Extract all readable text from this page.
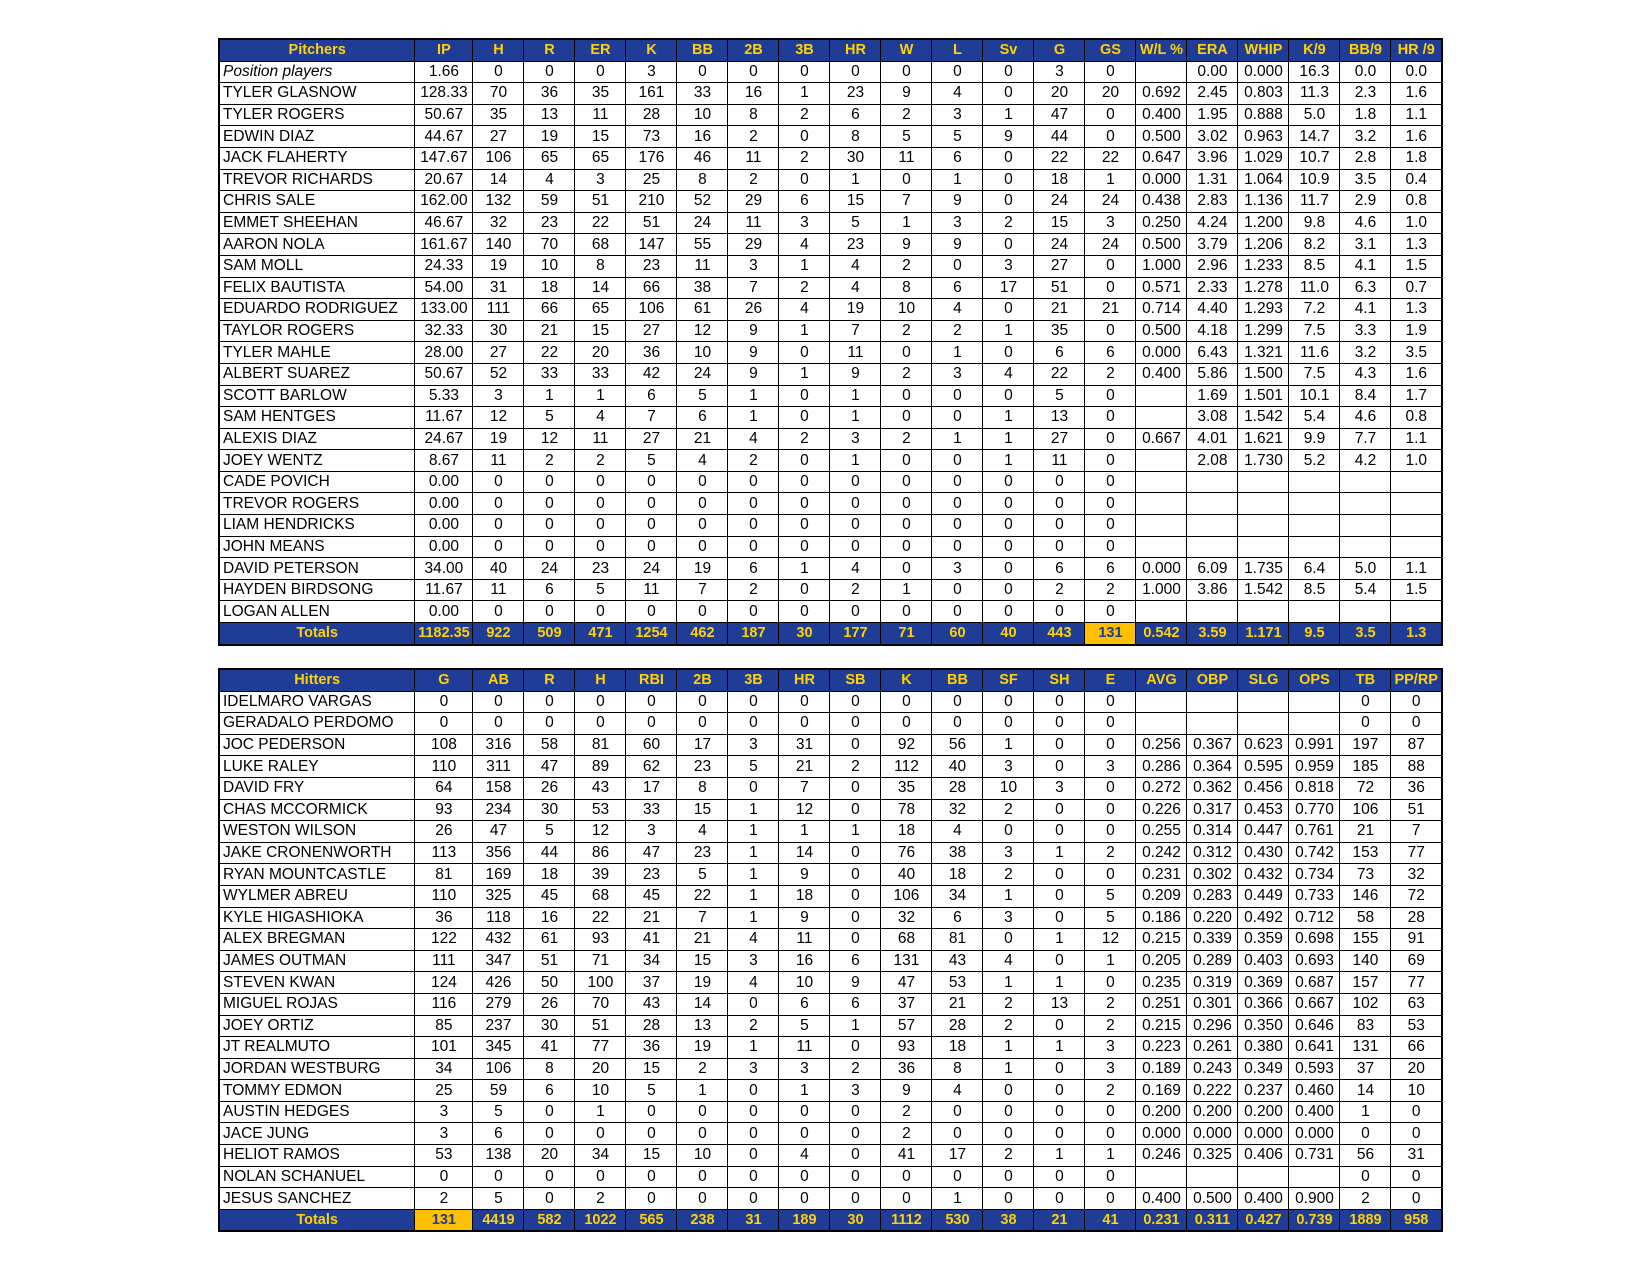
Pitchers	IP	H	R	ER	K	BB	2B	3B	HR	W	L	Sv	G	GS	W/L %	ERA	WHIP	K/9	BB/9	HR /9
Position players	1.66	0	0	0	3	0	0	0	0	0	0	0	3	0		0.00	0.000	16.3	0.0	0.0
TYLER GLASNOW	128.33	70	36	35	161	33	16	1	23	9	4	0	20	20	0.692	2.45	0.803	11.3	2.3	1.6
TYLER ROGERS	50.67	35	13	11	28	10	8	2	6	2	3	1	47	0	0.400	1.95	0.888	5.0	1.8	1.1
EDWIN DIAZ	44.67	27	19	15	73	16	2	0	8	5	5	9	44	0	0.500	3.02	0.963	14.7	3.2	1.6
JACK FLAHERTY	147.67	106	65	65	176	46	11	2	30	11	6	0	22	22	0.647	3.96	1.029	10.7	2.8	1.8
TREVOR RICHARDS	20.67	14	4	3	25	8	2	0	1	0	1	0	18	1	0.000	1.31	1.064	10.9	3.5	0.4
CHRIS SALE	162.00	132	59	51	210	52	29	6	15	7	9	0	24	24	0.438	2.83	1.136	11.7	2.9	0.8
EMMET SHEEHAN	46.67	32	23	22	51	24	11	3	5	1	3	2	15	3	0.250	4.24	1.200	9.8	4.6	1.0
AARON NOLA	161.67	140	70	68	147	55	29	4	23	9	9	0	24	24	0.500	3.79	1.206	8.2	3.1	1.3
SAM MOLL	24.33	19	10	8	23	11	3	1	4	2	0	3	27	0	1.000	2.96	1.233	8.5	4.1	1.5
FELIX BAUTISTA	54.00	31	18	14	66	38	7	2	4	8	6	17	51	0	0.571	2.33	1.278	11.0	6.3	0.7
EDUARDO RODRIGUEZ	133.00	111	66	65	106	61	26	4	19	10	4	0	21	21	0.714	4.40	1.293	7.2	4.1	1.3
TAYLOR ROGERS	32.33	30	21	15	27	12	9	1	7	2	2	1	35	0	0.500	4.18	1.299	7.5	3.3	1.9
TYLER MAHLE	28.00	27	22	20	36	10	9	0	11	0	1	0	6	6	0.000	6.43	1.321	11.6	3.2	3.5
ALBERT SUAREZ	50.67	52	33	33	42	24	9	1	9	2	3	4	22	2	0.400	5.86	1.500	7.5	4.3	1.6
SCOTT BARLOW	5.33	3	1	1	6	5	1	0	1	0	0	0	5	0		1.69	1.501	10.1	8.4	1.7
SAM HENTGES	11.67	12	5	4	7	6	1	0	1	0	0	1	13	0		3.08	1.542	5.4	4.6	0.8
ALEXIS DIAZ	24.67	19	12	11	27	21	4	2	3	2	1	1	27	0	0.667	4.01	1.621	9.9	7.7	1.1
JOEY WENTZ	8.67	11	2	2	5	4	2	0	1	0	0	1	11	0		2.08	1.730	5.2	4.2	1.0
CADE POVICH	0.00	0	0	0	0	0	0	0	0	0	0	0	0	0						
TREVOR ROGERS	0.00	0	0	0	0	0	0	0	0	0	0	0	0	0						
LIAM HENDRICKS	0.00	0	0	0	0	0	0	0	0	0	0	0	0	0						
JOHN MEANS	0.00	0	0	0	0	0	0	0	0	0	0	0	0	0						
DAVID PETERSON	34.00	40	24	23	24	19	6	1	4	0	3	0	6	6	0.000	6.09	1.735	6.4	5.0	1.1
HAYDEN BIRDSONG	11.67	11	6	5	11	7	2	0	2	1	0	0	2	2	1.000	3.86	1.542	8.5	5.4	1.5
LOGAN ALLEN	0.00	0	0	0	0	0	0	0	0	0	0	0	0	0						
Totals	1182.35	922	509	471	1254	462	187	30	177	71	60	40	443	131	0.542	3.59	1.171	9.5	3.5	1.3
Hitters	G	AB	R	H	RBI	2B	3B	HR	SB	K	BB	SF	SH	E	AVG	OBP	SLG	OPS	TB	PP/RP
IDELMARO VARGAS	0	0	0	0	0	0	0	0	0	0	0	0	0	0					0	0
GERADALO PERDOMO	0	0	0	0	0	0	0	0	0	0	0	0	0	0					0	0
JOC PEDERSON	108	316	58	81	60	17	3	31	0	92	56	1	0	0	0.256	0.367	0.623	0.991	197	87
LUKE RALEY	110	311	47	89	62	23	5	21	2	112	40	3	0	3	0.286	0.364	0.595	0.959	185	88
DAVID FRY	64	158	26	43	17	8	0	7	0	35	28	10	3	0	0.272	0.362	0.456	0.818	72	36
CHAS MCCORMICK	93	234	30	53	33	15	1	12	0	78	32	2	0	0	0.226	0.317	0.453	0.770	106	51
WESTON WILSON	26	47	5	12	3	4	1	1	1	18	4	0	0	0	0.255	0.314	0.447	0.761	21	7
JAKE CRONENWORTH	113	356	44	86	47	23	1	14	0	76	38	3	1	2	0.242	0.312	0.430	0.742	153	77
RYAN MOUNTCASTLE	81	169	18	39	23	5	1	9	0	40	18	2	0	0	0.231	0.302	0.432	0.734	73	32
WYLMER ABREU	110	325	45	68	45	22	1	18	0	106	34	1	0	5	0.209	0.283	0.449	0.733	146	72
KYLE HIGASHIOKA	36	118	16	22	21	7	1	9	0	32	6	3	0	5	0.186	0.220	0.492	0.712	58	28
ALEX BREGMAN	122	432	61	93	41	21	4	11	0	68	81	0	1	12	0.215	0.339	0.359	0.698	155	91
JAMES OUTMAN	111	347	51	71	34	15	3	16	6	131	43	4	0	1	0.205	0.289	0.403	0.693	140	69
STEVEN KWAN	124	426	50	100	37	19	4	10	9	47	53	1	1	0	0.235	0.319	0.369	0.687	157	77
MIGUEL ROJAS	116	279	26	70	43	14	0	6	6	37	21	2	13	2	0.251	0.301	0.366	0.667	102	63
JOEY ORTIZ	85	237	30	51	28	13	2	5	1	57	28	2	0	2	0.215	0.296	0.350	0.646	83	53
JT REALMUTO	101	345	41	77	36	19	1	11	0	93	18	1	1	3	0.223	0.261	0.380	0.641	131	66
JORDAN WESTBURG	34	106	8	20	15	2	3	3	2	36	8	1	0	3	0.189	0.243	0.349	0.593	37	20
TOMMY EDMON	25	59	6	10	5	1	0	1	3	9	4	0	0	2	0.169	0.222	0.237	0.460	14	10
AUSTIN HEDGES	3	5	0	1	0	0	0	0	0	2	0	0	0	0	0.200	0.200	0.200	0.400	1	0
JACE JUNG	3	6	0	0	0	0	0	0	0	2	0	0	0	0	0.000	0.000	0.000	0.000	0	0
HELIOT RAMOS	53	138	20	34	15	10	0	4	0	41	17	2	1	1	0.246	0.325	0.406	0.731	56	31
NOLAN SCHANUEL	0	0	0	0	0	0	0	0	0	0	0	0	0	0					0	0
JESUS SANCHEZ	2	5	0	2	0	0	0	0	0	0	1	0	0	0	0.400	0.500	0.400	0.900	2	0
Totals	131	4419	582	1022	565	238	31	189	30	1112	530	38	21	41	0.231	0.311	0.427	0.739	1889	958
